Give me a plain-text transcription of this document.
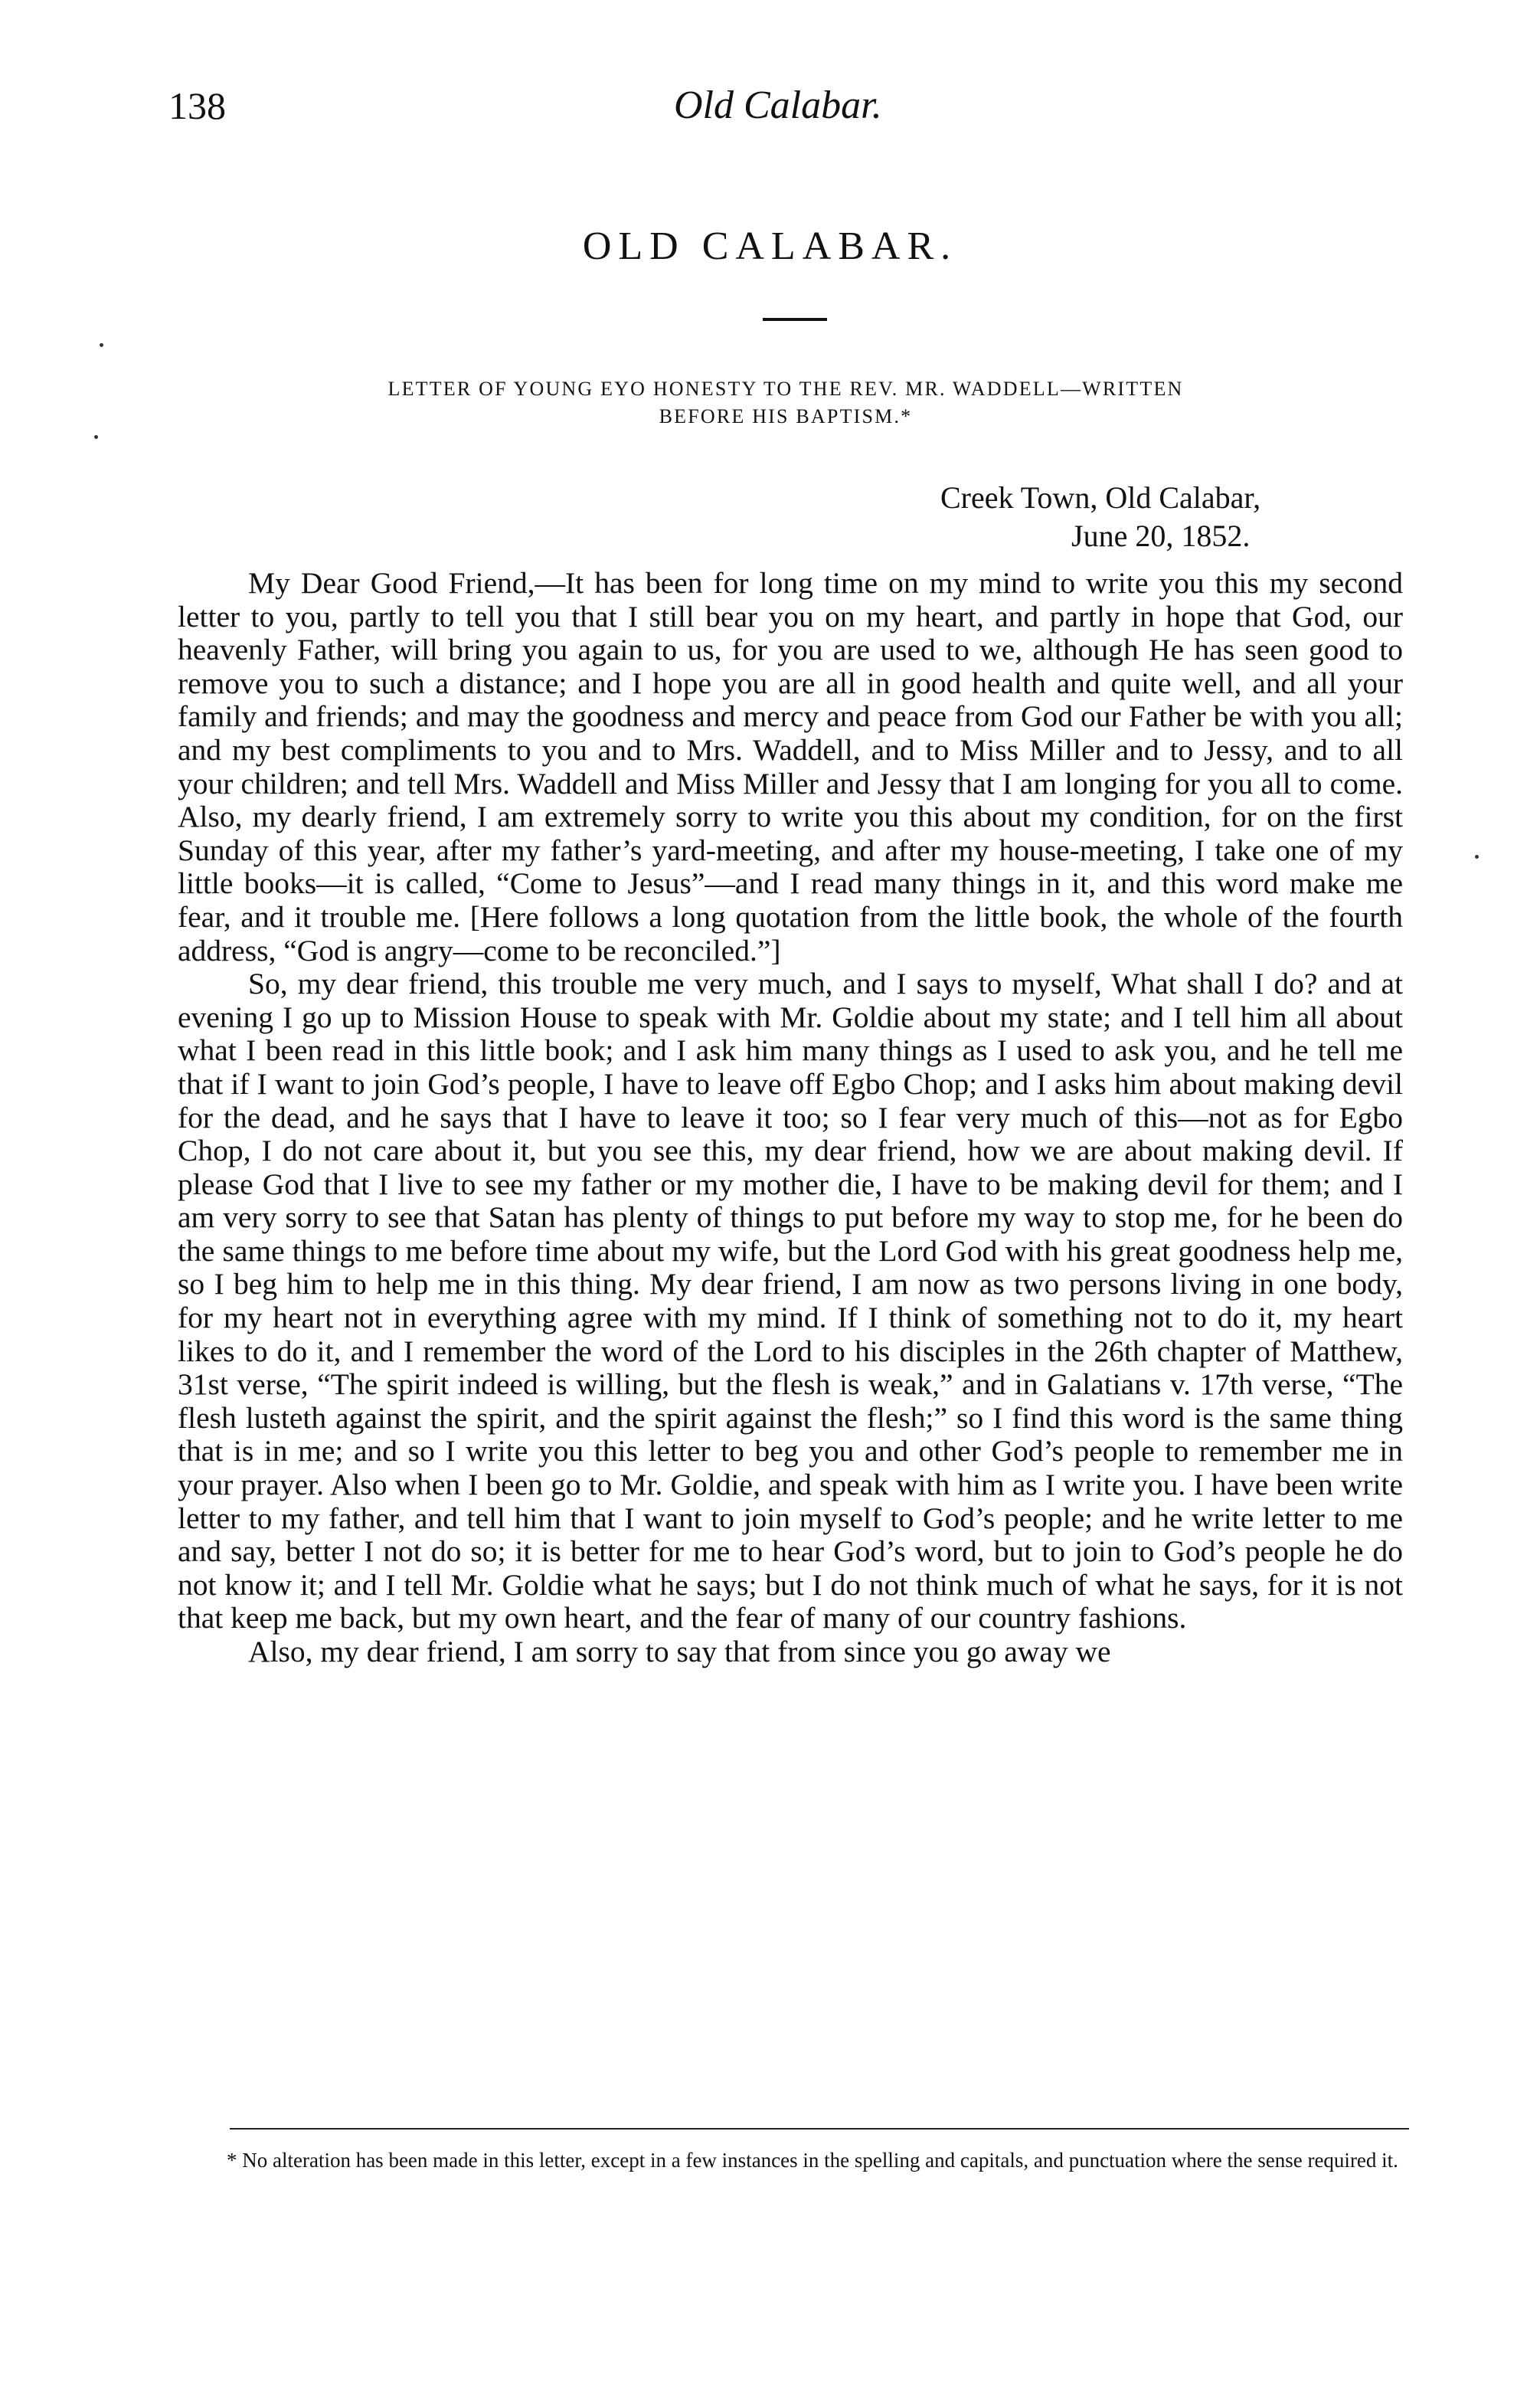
138	Old Calabar.
OLD CALABAR.
LETTER OF YOUNG EYO HONESTY TO THE REV. MR. WADDELL—WRITTEN
BEFORE HIS BAPTISM.*
Creek Town, Old Calabar,
June 20, 1852.

My Dear Good Friend,—It has been for long time on my mind to write you this my second letter to you, partly to tell you that I still bear you on my heart, and partly in hope that God, our heavenly Father, will bring you again to us, for you are used to we, although He has seen good to remove you to such a distance; and I hope you are all in good health and quite well, and all your family and friends; and may the goodness and mercy and peace from God our Father be with you all; and my best compliments to you and to Mrs. Waddell, and to Miss Miller and to Jessy, and to all your children; and tell Mrs. Waddell and Miss Miller and Jessy that I am longing for you all to come. Also, my dearly friend, I am extremely sorry to write you this about my condition, for on the first Sunday of this year, after my father’s yard-meeting, and after my house-meeting, I take one of my little books—it is called, “Come to Jesus”—and I read many things in it, and this word make me fear, and it trouble me. [Here follows a long quotation from the little book, the whole of the fourth address, “God is angry—come to be reconciled.”]

So, my dear friend, this trouble me very much, and I says to myself, What shall I do? and at evening I go up to Mission House to speak with Mr. Goldie about my state; and I tell him all about what I been read in this little book; and I ask him many things as I used to ask you, and he tell me that if I want to join God’s people, I have to leave off Egbo Chop; and I asks him about making devil for the dead, and he says that I have to leave it too; so I fear very much of this—not as for Egbo Chop, I do not care about it, but you see this, my dear friend, how we are about making devil. If please God that I live to see my father or my mother die, I have to be making devil for them; and I am very sorry to see that Satan has plenty of things to put before my way to stop me, for he been do the same things to me before time about my wife, but the Lord God with his great goodness help me, so I beg him to help me in this thing. My dear friend, I am now as two persons living in one body, for my heart not in everything agree with my mind. If I think of something not to do it, my heart likes to do it, and I remember the word of the Lord to his disciples in the 26th chapter of Matthew, 31st verse, “The spirit indeed is willing, but the flesh is weak,” and in Galatians v. 17th verse, “The flesh lusteth against the spirit, and the spirit against the flesh;” so I find this word is the same thing that is in me; and so I write you this letter to beg you and other God’s people to remember me in your prayer. Also when I been go to Mr. Goldie, and speak with him as I write you. I have been write letter to my father, and tell him that I want to join myself to God’s people; and he write letter to me and say, better I not do so; it is better for me to hear God’s word, but to join to God’s people he do not know it; and I tell Mr. Goldie what he says; but I do not think much of what he says, for it is not that keep me back, but my own heart, and the fear of many of our country fashions.

Also, my dear friend, I am sorry to say that from since you go away we

* No alteration has been made in this letter, except in a few instances in the spelling and capitals, and punctuation where the sense required it.
